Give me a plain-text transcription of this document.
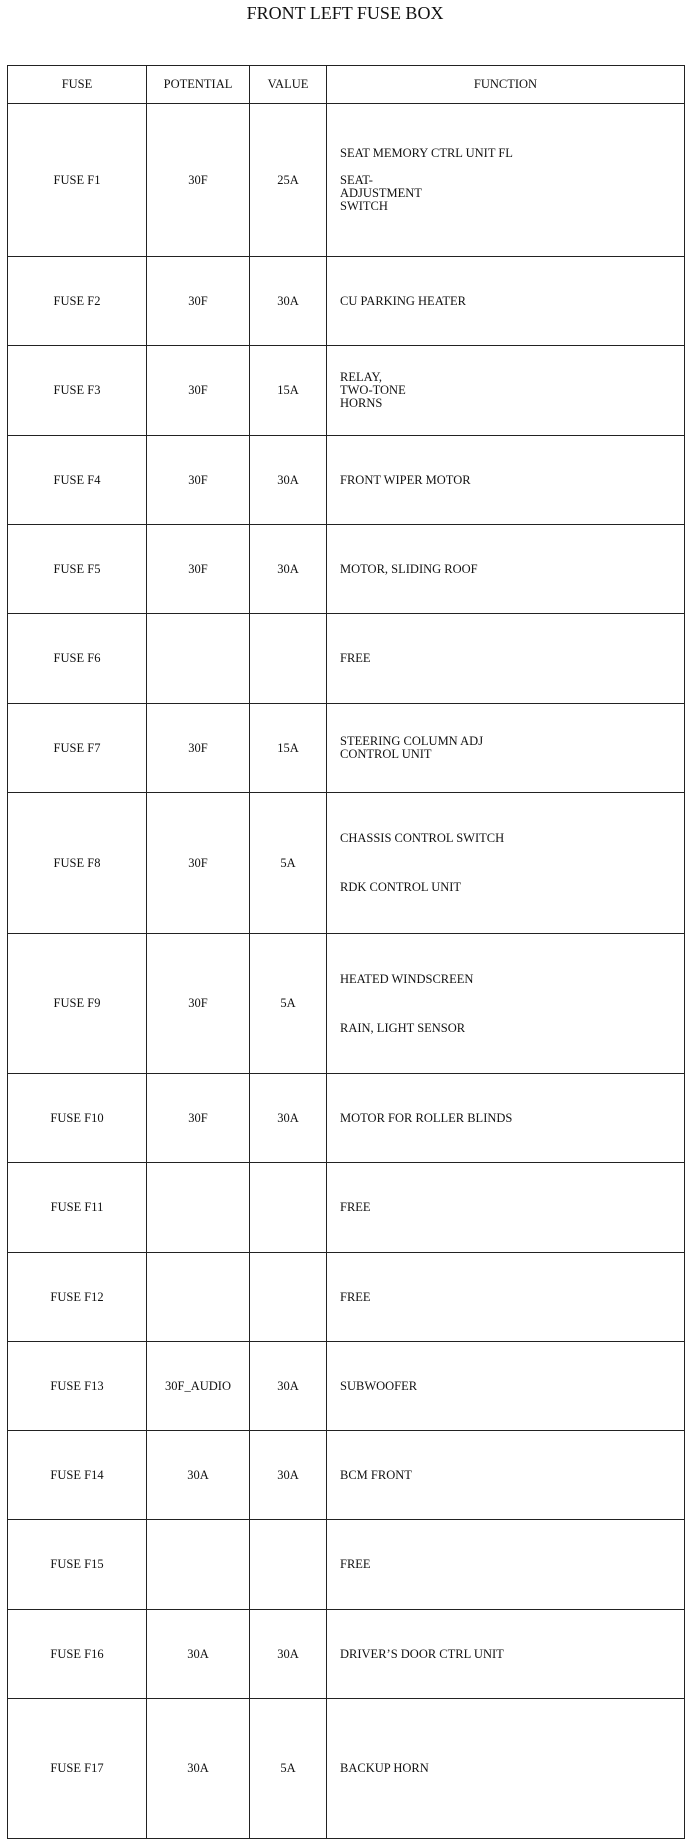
FRONT LEFT FUSE BOX
FUSE	POTENTIAL	VALUE	FUNCTION
FUSE F1	30F	25A	SEAT MEMORY CTRL UNIT FL
SEAT-
ADJUSTMENT
SWITCH

FUSE F2	30F	30A	CU PARKING HEATER

FUSE F3	30F	15A	RELAY,
TWO-TONE
HORNS

FUSE F4	30F	30A	FRONT WIPER MOTOR

FUSE F5	30F	30A	MOTOR, SLIDING ROOF

FUSE F6			FREE

FUSE F7	30F	15A	STEERING COLUMN ADJ
CONTROL UNIT

FUSE F8	30F	5A	CHASSIS CONTROL SWITCH
RDK CONTROL UNIT

FUSE F9	30F	5A	HEATED WINDSCREEN
RAIN, LIGHT SENSOR

FUSE F10	30F	30A	MOTOR FOR ROLLER BLINDS

FUSE F11			FREE

FUSE F12			FREE

FUSE F13	30F_AUDIO	30A	SUBWOOFER

FUSE F14	30A	30A	BCM FRONT

FUSE F15			FREE

FUSE F16	30A	30A	DRIVER’S DOOR CTRL UNIT

FUSE F17	30A	5A	BACKUP HORN
